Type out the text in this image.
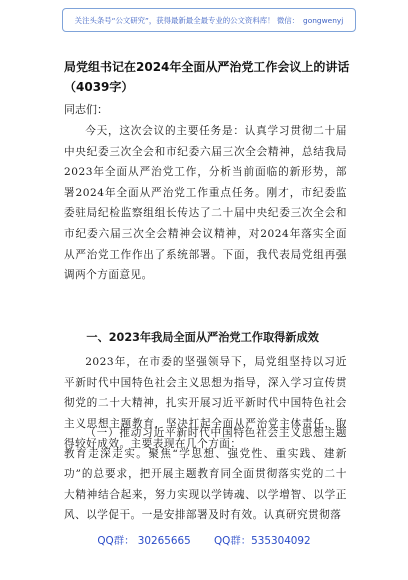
关注头条号“公文研究”，获得最新最全最专业的公文资料库！ 微信： gongwenyj
局党组书记在2024年全面从严治党工作会议上的讲话（4039字）
同志们：

今天，这次会议的主要任务是：认真学习贯彻二十届中央纪委三次全会和市纪委六届三次全会精神，总结我局2023年全面从严治党工作，分析当前面临的新形势，部署2024年全面从严治党工作重点任务。刚才，市纪委监委驻局纪检监察组组长传达了二十届中央纪委三次全会和市纪委六届三次全会精神会议精神，对2024年落实全面从严治党工作作出了系统部署。下面，我代表局党组再强调两个方面意见。

一、2023年我局全面从严治党工作取得新成效

2023年，在市委的坚强领导下，局党组坚持以习近平新时代中国特色社会主义思想为指导，深入学习宣传贯彻党的二十大精神，扎实开展习近平新时代中国特色社会主义思想主题教育，坚决扛起全面从严治党主体责任，取得较好成效。主要表现在几个方面：

（一）推动习近平新时代中国特色社会主义思想主题教育走深走实。聚焦“学思想、强党性、重实践、建新功”的总要求，把开展主题教育同全面贯彻落实党的二十大精神结合起来，努力实现以学铸魂、以学增智、以学正风、以学促干。一是安排部署及时有效。认真研究贯彻落

QQ群： 30265665 QQ群：535304092
